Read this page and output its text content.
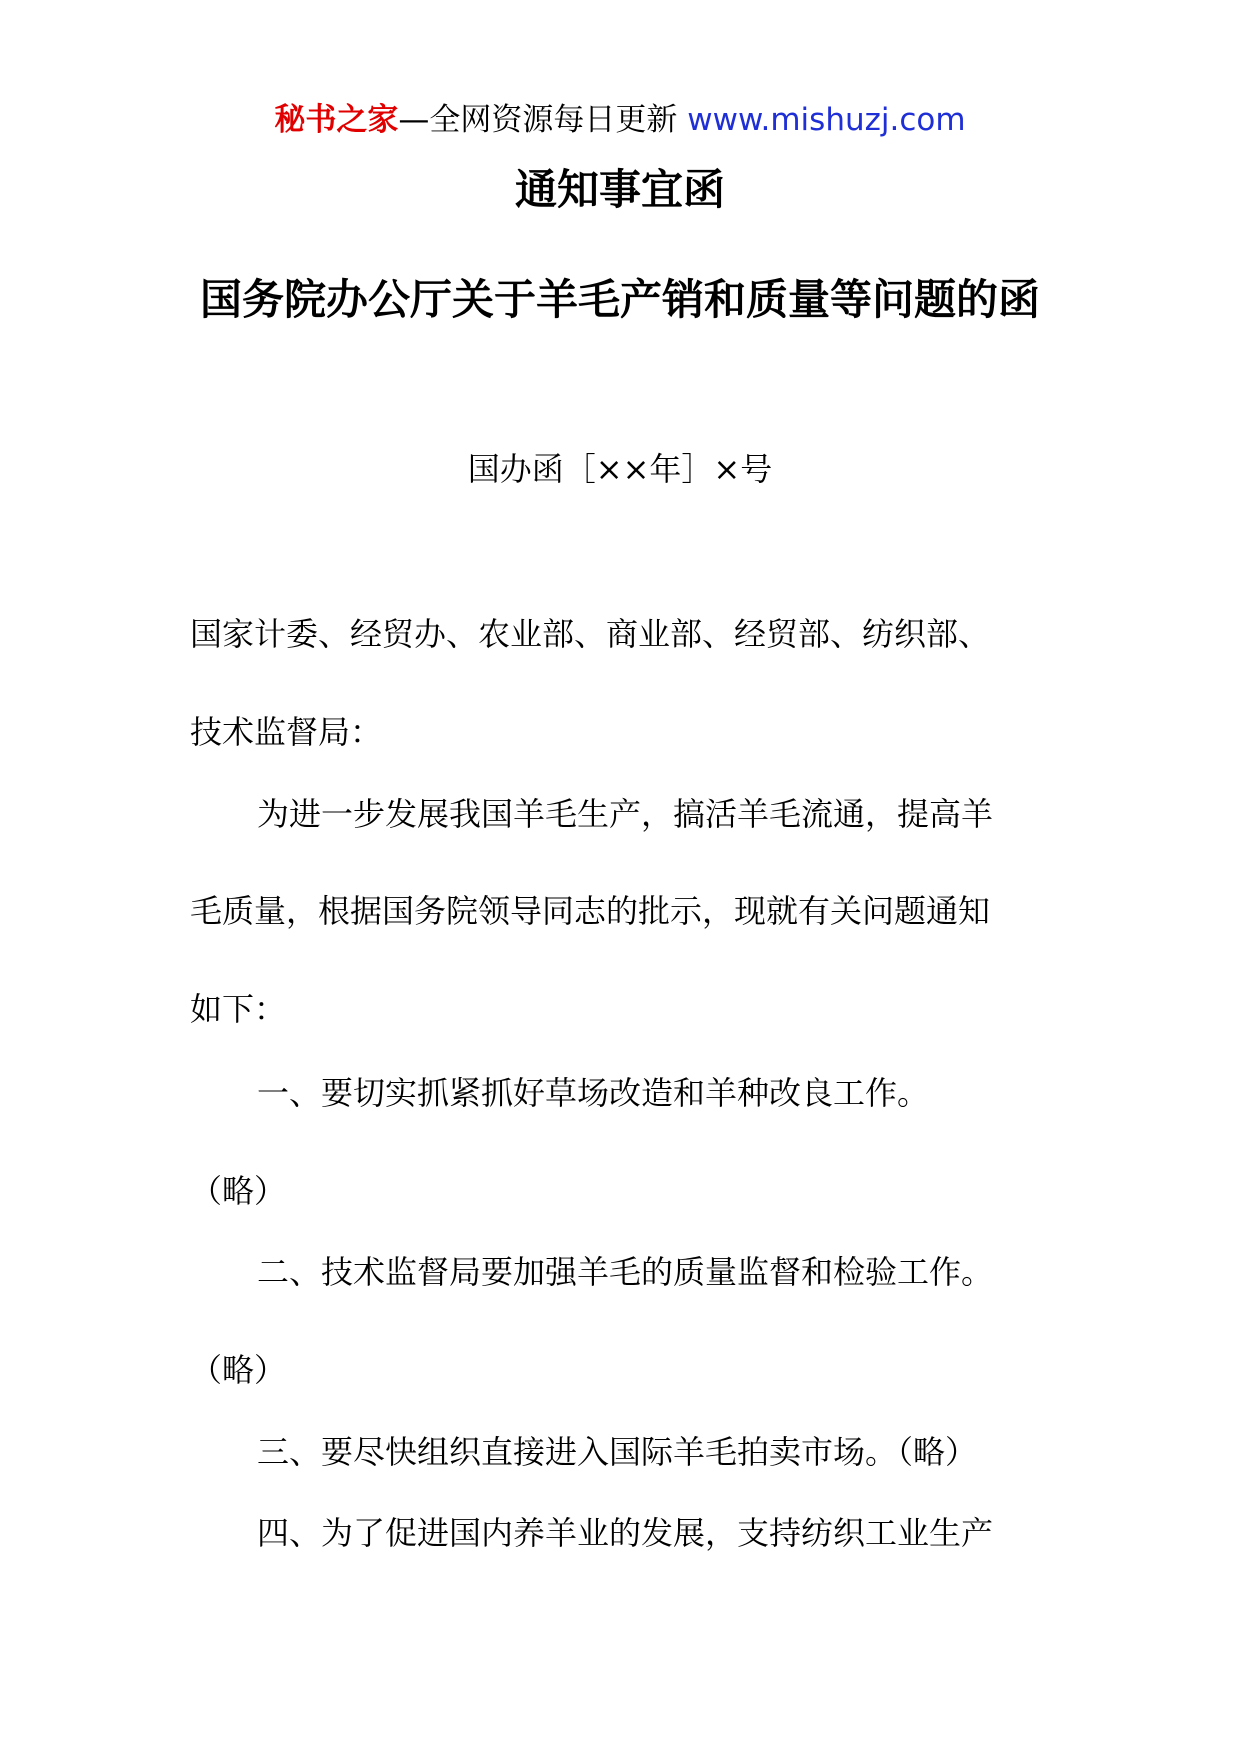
秘书之家—全网资源每日更新 www.mishuzj.com
通知事宜函
国务院办公厅关于羊毛产销和质量等问题的函
国办函［××年］×号
国家计委、经贸办、农业部、商业部、经贸部、纺织部、
技术监督局：
为进一步发展我国羊毛生产，搞活羊毛流通，提高羊
毛质量，根据国务院领导同志的批示，现就有关问题通知
如下：
一、要切实抓紧抓好草场改造和羊种改良工作。
（略）
二、技术监督局要加强羊毛的质量监督和检验工作。
（略）
三、要尽快组织直接进入国际羊毛拍卖市场。（略）
四、为了促进国内养羊业的发展，支持纺织工业生产
